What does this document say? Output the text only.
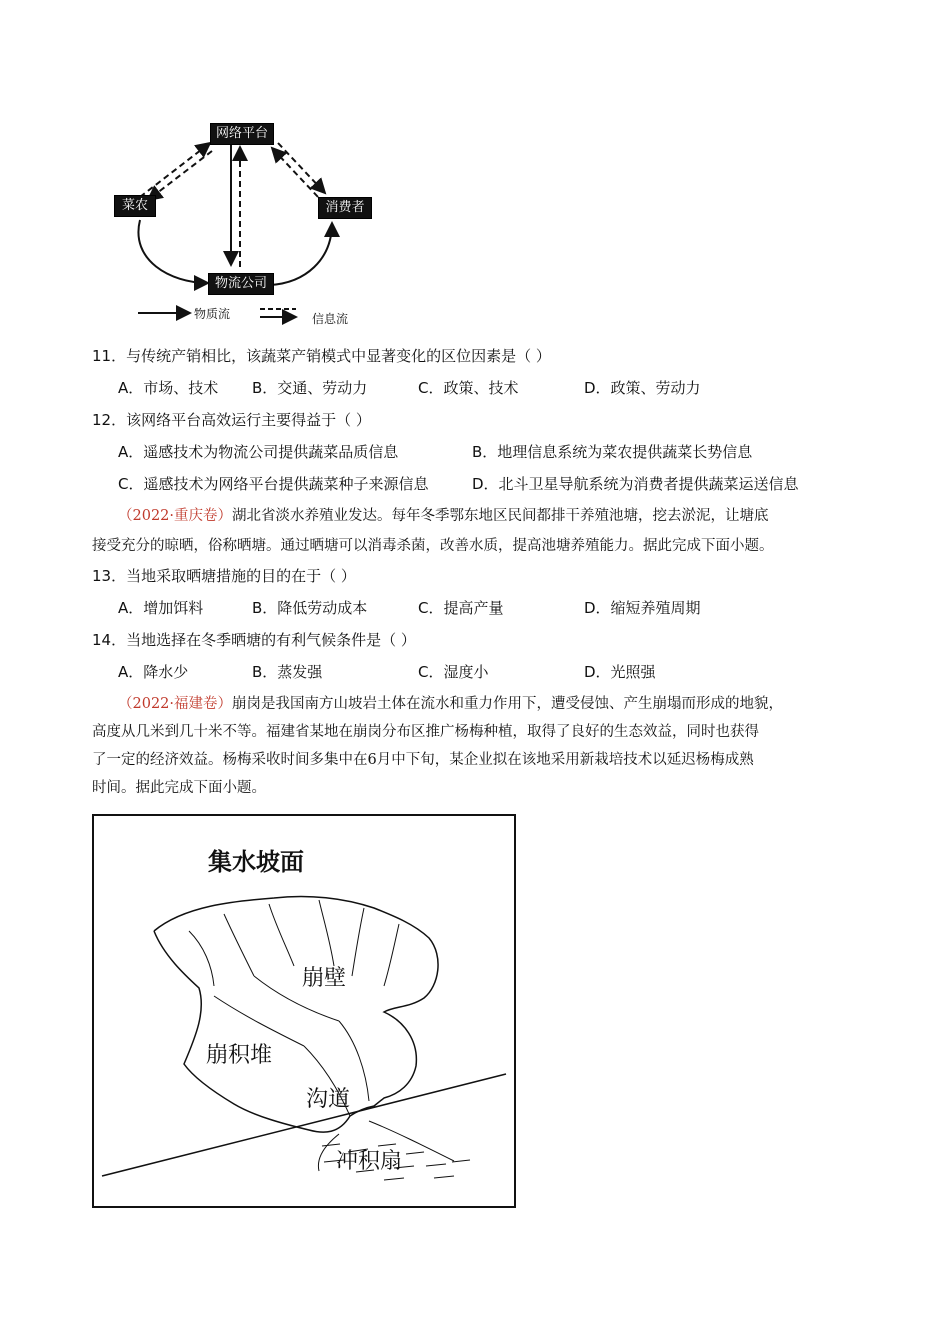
网络平台
菜农	消费者
物流公司
物质流	信息流
11．与传统产销相比，该蔬菜产销模式中显著变化的区位因素是（ ）
A．市场、技术 B．交通、劳动力	C．政策、技术	D．政策、劳动力
12．该网络平台高效运行主要得益于（ ）
A．遥感技术为物流公司提供蔬菜品质信息	B．地理信息系统为菜农提供蔬菜长势信息
C．遥感技术为网络平台提供蔬菜种子来源信息	D．北斗卫星导航系统为消费者提供蔬菜运送信息
（2022·重庆卷）湖北省淡水养殖业发达。每年冬季鄂东地区民间都排干养殖池塘，挖去淤泥，让塘底
接受充分的晾晒，俗称晒塘。通过晒塘可以消毒杀菌，改善水质，提高池塘养殖能力。据此完成下面小题。
13．当地采取晒塘措施的目的在于（ ）
A．增加饵料	B．降低劳动成本	C．提高产量	D．缩短养殖周期
14．当地选择在冬季晒塘的有利气候条件是（ ）
A．降水少	B．蒸发强	C．湿度小	D．光照强
（2022·福建卷）崩岗是我国南方山坡岩土体在流水和重力作用下，遭受侵蚀、产生崩塌而形成的地貌，
高度从几米到几十米不等。福建省某地在崩岗分布区推广杨梅种植，取得了良好的生态效益，同时也获得
了一定的经济效益。杨梅采收时间多集中在6月中下旬，某企业拟在该地采用新栽培技术以延迟杨梅成熟
时间。据此完成下面小题。
集水坡面
崩壁
崩积堆
沟道
冲积扇
